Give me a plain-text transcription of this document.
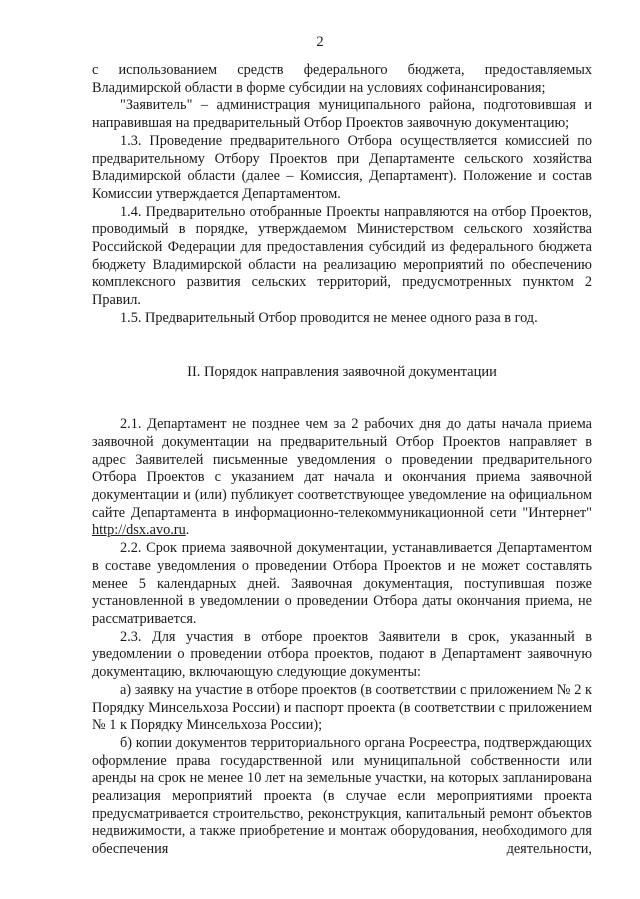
2

с использованием средств федерального бюджета, предоставляемых Владимирской области в форме субсидии на условиях софинансирования;

"Заявитель" – администрация муниципального района, подготовившая и направившая на предварительный Отбор Проектов заявочную документацию;

1.3. Проведение предварительного Отбора осуществляется комиссией по предварительному Отбору Проектов при Департаменте сельского хозяйства Владимирской области (далее – Комиссия, Департамент). Положение и состав Комиссии утверждается Департаментом.

1.4. Предварительно отобранные Проекты направляются на отбор Проектов, проводимый в порядке, утверждаемом Министерством сельского хозяйства Российской Федерации для предоставления субсидий из федерального бюджета бюджету Владимирской области на реализацию мероприятий по обеспечению комплексного развития сельских территорий, предусмотренных пунктом 2 Правил.

1.5. Предварительный Отбор проводится не менее одного раза в год.

II. Порядок направления заявочной документации

2.1. Департамент не позднее чем за 2 рабочих дня до даты начала приема заявочной документации на предварительный Отбор Проектов направляет в адрес Заявителей письменные уведомления о проведении предварительного Отбора Проектов с указанием дат начала и окончания приема заявочной документации и (или) публикует соответствующее уведомление на официальном сайте Департамента в информационно-телекоммуникационной сети "Интернет" http://dsx.avo.ru.

2.2. Срок приема заявочной документации, устанавливается Департаментом в составе уведомления о проведении Отбора Проектов и не может составлять менее 5 календарных дней. Заявочная документация, поступившая позже установленной в уведомлении о проведении Отбора даты окончания приема, не рассматривается.

2.3. Для участия в отборе проектов Заявители в срок, указанный в уведомлении о проведении отбора проектов, подают в Департамент заявочную документацию, включающую следующие документы:

а) заявку на участие в отборе проектов (в соответствии с приложением № 2 к Порядку Минсельхоза России) и паспорт проекта (в соответствии с приложением № 1 к Порядку Минсельхоза России);

б) копии документов территориального органа Росреестра, подтверждающих оформление права государственной или муниципальной собственности или аренды на срок не менее 10 лет на земельные участки, на которых запланирована реализация мероприятий проекта (в случае если мероприятиями проекта предусматривается строительство, реконструкция, капитальный ремонт объектов недвижимости, а также приобретение и монтаж оборудования, необходимого для обеспечения деятельности,
